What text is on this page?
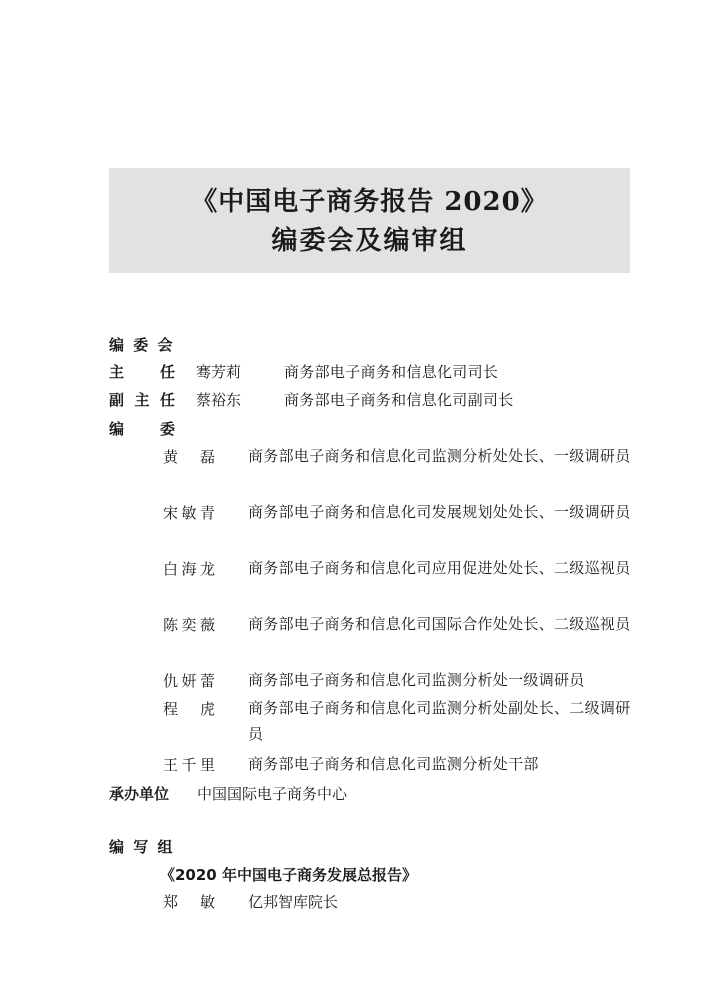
《中国电子商务报告 2020》
编委会及编审组
编 委 会
主 任 骞芳莉	商务部电子商务和信息化司司长
副 主 任 蔡裕东	商务部电子商务和信息化司副司长
编 委
黄 磊 商务部电子商务和信息化司监测分析处处长、一级调研员
宋敏青 商务部电子商务和信息化司发展规划处处长、一级调研员
白海龙 商务部电子商务和信息化司应用促进处处长、二级巡视员
陈奕薇 商务部电子商务和信息化司国际合作处处长、二级巡视员
仇妍蕾 商务部电子商务和信息化司监测分析处一级调研员
程 虎 商务部电子商务和信息化司监测分析处副处长、二级调研员
王千里 商务部电子商务和信息化司监测分析处干部
承办单位 中国国际电子商务中心
编 写 组
《2020 年中国电子商务发展总报告》
郑 敏 亿邦智库院长
